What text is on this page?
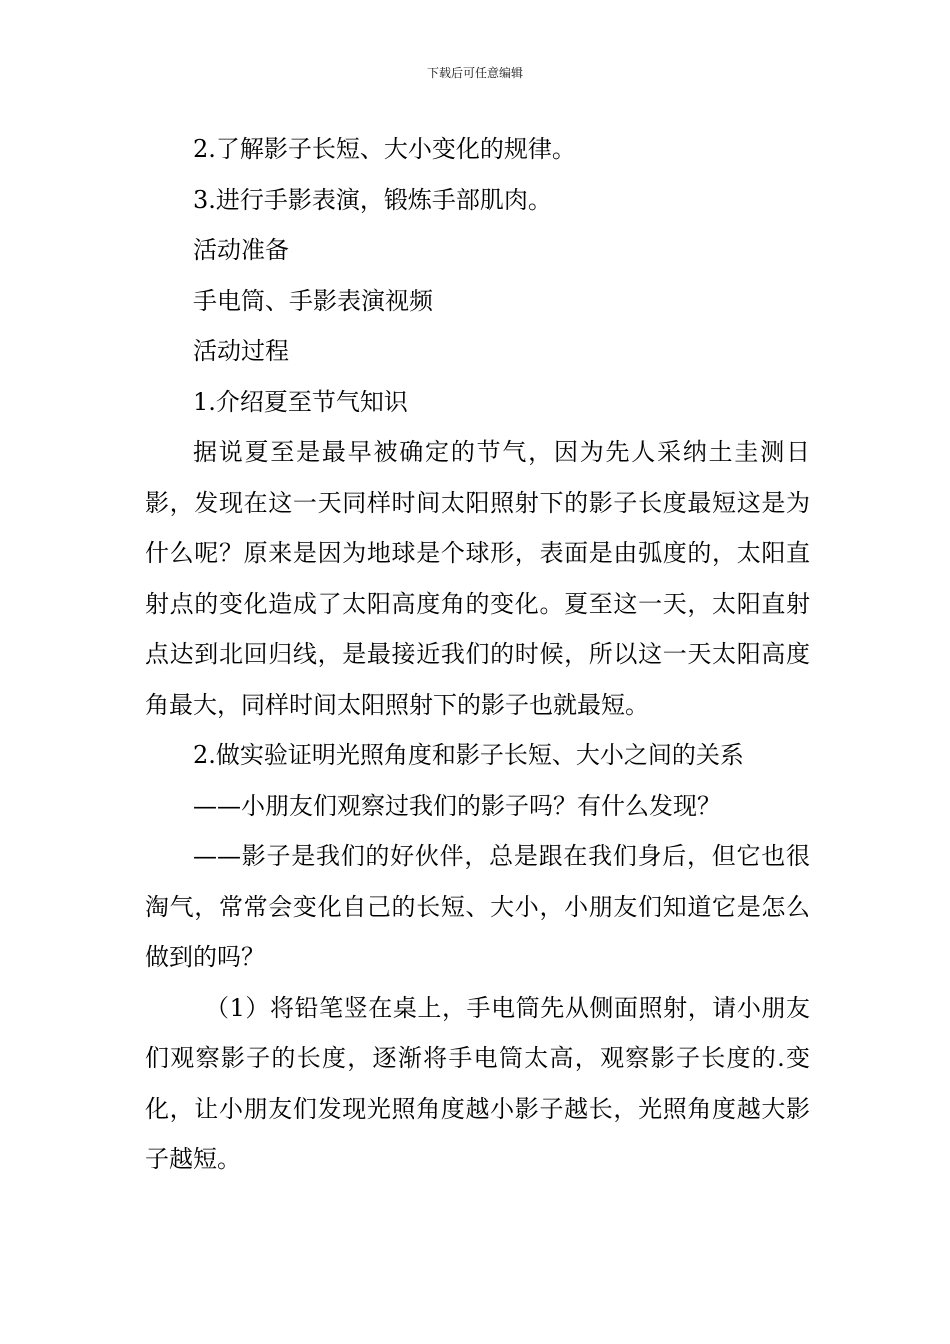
下载后可任意编辑

2.了解影子长短、大小变化的规律。

3.进行手影表演，锻炼手部肌肉。

活动准备

手电筒、手影表演视频

活动过程

1.介绍夏至节气知识

据说夏至是最早被确定的节气，因为先人采纳土圭测日影，发现在这一天同样时间太阳照射下的影子长度最短这是为什么呢？原来是因为地球是个球形，表面是由弧度的，太阳直射点的变化造成了太阳高度角的变化。夏至这一天，太阳直射点达到北回归线，是最接近我们的时候，所以这一天太阳高度角最大，同样时间太阳照射下的影子也就最短。

2.做实验证明光照角度和影子长短、大小之间的关系

——小朋友们观察过我们的影子吗？有什么发现？

——影子是我们的好伙伴，总是跟在我们身后，但它也很淘气，常常会变化自己的长短、大小，小朋友们知道它是怎么做到的吗？

（1）将铅笔竖在桌上，手电筒先从侧面照射，请小朋友们观察影子的长度，逐渐将手电筒太高，观察影子长度的.变化，让小朋友们发现光照角度越小影子越长，光照角度越大影子越短。
